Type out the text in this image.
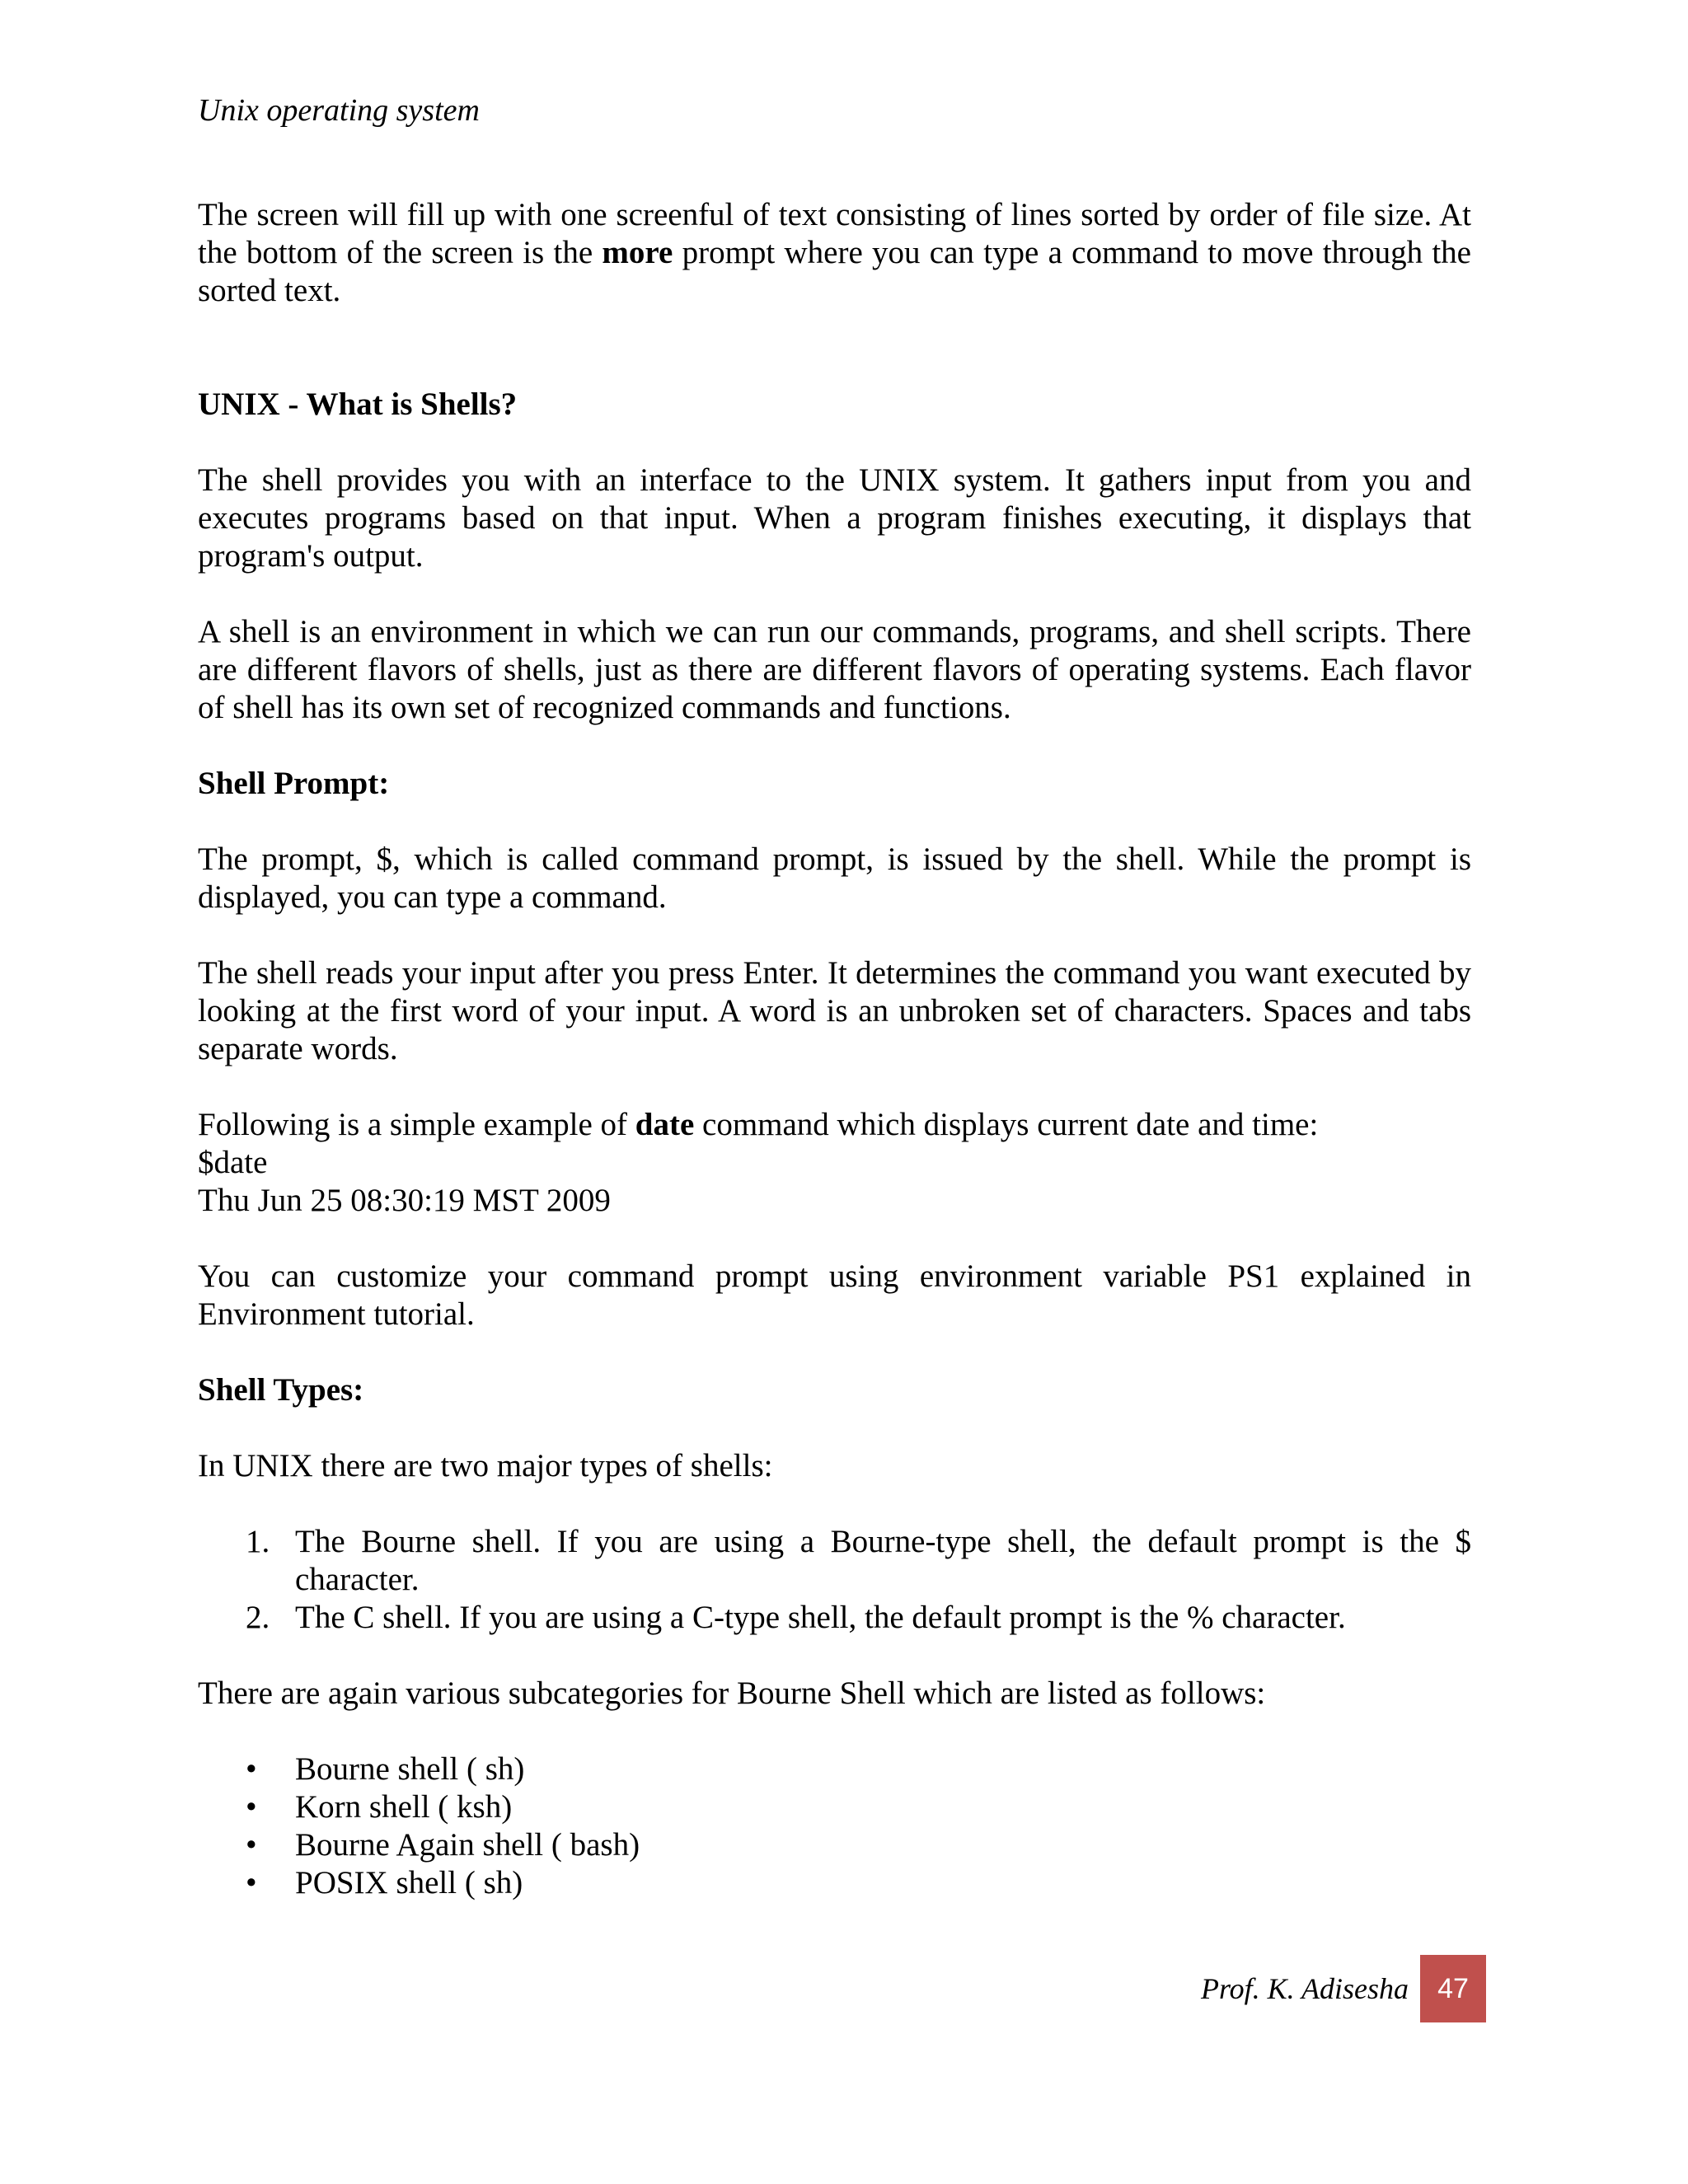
Unix operating system

The screen will fill up with one screenful of text consisting of lines sorted by order of file size. At the bottom of the screen is the more prompt where you can type a command to move through the sorted text.

UNIX - What is Shells?

The shell provides you with an interface to the UNIX system. It gathers input from you and executes programs based on that input. When a program finishes executing, it displays that program's output.

A shell is an environment in which we can run our commands, programs, and shell scripts. There are different flavors of shells, just as there are different flavors of operating systems. Each flavor of shell has its own set of recognized commands and functions.

Shell Prompt:

The prompt, $, which is called command prompt, is issued by the shell. While the prompt is displayed, you can type a command.

The shell reads your input after you press Enter. It determines the command you want executed by looking at the first word of your input. A word is an unbroken set of characters. Spaces and tabs separate words.

Following is a simple example of date command which displays current date and time:

$date
Thu Jun 25 08:30:19 MST 2009

You can customize your command prompt using environment variable PS1 explained in Environment tutorial.

Shell Types:

In UNIX there are two major types of shells:

1. The Bourne shell. If you are using a Bourne-type shell, the default prompt is the $ character.
2. The C shell. If you are using a C-type shell, the default prompt is the % character.

There are again various subcategories for Bourne Shell which are listed as follows:

• Bourne shell ( sh)
• Korn shell ( ksh)
• Bourne Again shell ( bash)
• POSIX shell ( sh)
Prof. K. Adisesha	47
